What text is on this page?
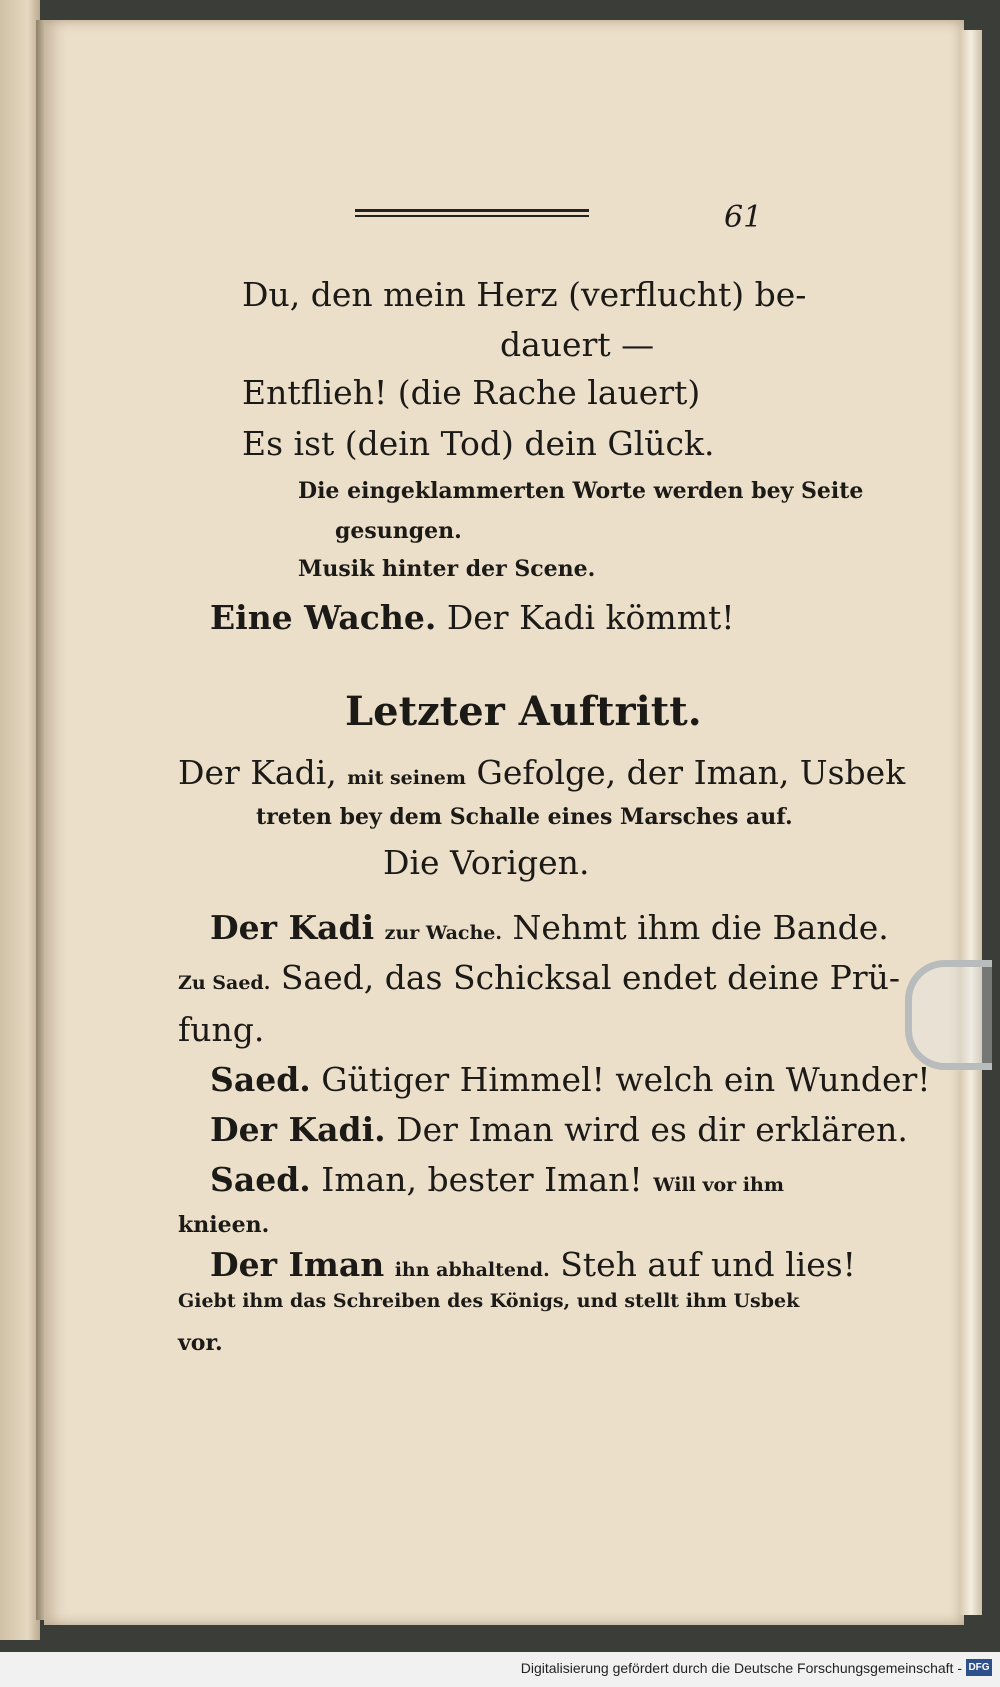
61
Du, den mein Herz (verflucht) be-
dauert —
Entflieh! (die Rache lauert)
Es ist (dein Tod) dein Glück.
Die eingeklammerten Worte werden bey Seite
gesungen.
Musik hinter der Scene.
Eine Wache. Der Kadi kömmt!
Letzter Auftritt.
Der Kadi, mit seinem Gefolge, der Iman, Usbek
treten bey dem Schalle eines Marsches auf.
Die Vorigen.
Der Kadi zur Wache. Nehmt ihm die Bande.
Zu Saed. Saed, das Schicksal endet deine Prü-
fung.
Saed. Gütiger Himmel! welch ein Wunder!
Der Kadi. Der Iman wird es dir erklären.
Saed. Iman, bester Iman! Will vor ihm
knieen.
Der Iman ihn abhaltend. Steh auf und lies!
Giebt ihm das Schreiben des Königs, und stellt ihm Usbek
vor.
Digitalisierung gefördert durch die Deutsche Forschungsgemeinschaft - DFG
